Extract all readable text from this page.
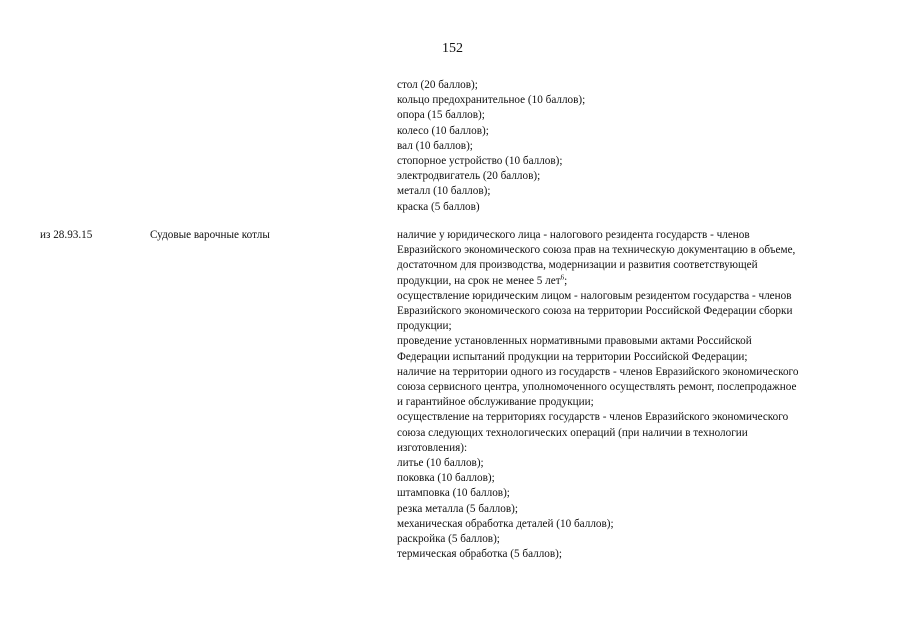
152
стол (20 баллов);
кольцо предохранительное (10 баллов);
опора (15 баллов);
колесо (10 баллов);
вал (10 баллов);
стопорное устройство (10 баллов);
электродвигатель (20 баллов);
металл (10 баллов);
краска (5 баллов)
из 28.93.15	Судовые варочные котлы	наличие у юридического лица - налогового резидента государств - членов
Евразийского экономического союза прав на техническую документацию в объеме,
достаточном для производства, модернизации и развития соответствующей
продукции, на срок не менее 5 лет$^6$;
осуществление юридическим лицом - налоговым резидентом государства - членов
Евразийского экономического союза на территории Российской Федерации сборки
продукции;
проведение установленных нормативными правовыми актами Российской
Федерации испытаний продукции на территории Российской Федерации;
наличие на территории одного из государств - членов Евразийского экономического
союза сервисного центра, уполномоченного осуществлять ремонт, послепродажное
и гарантийное обслуживание продукции;
осуществление на территориях государств - членов Евразийского экономического
союза следующих технологических операций (при наличии в технологии
изготовления):
литье (10 баллов);
поковка (10 баллов);
штамповка (10 баллов);
резка металла (5 баллов);
механическая обработка деталей (10 баллов);
раскройка (5 баллов);
термическая обработка (5 баллов);
